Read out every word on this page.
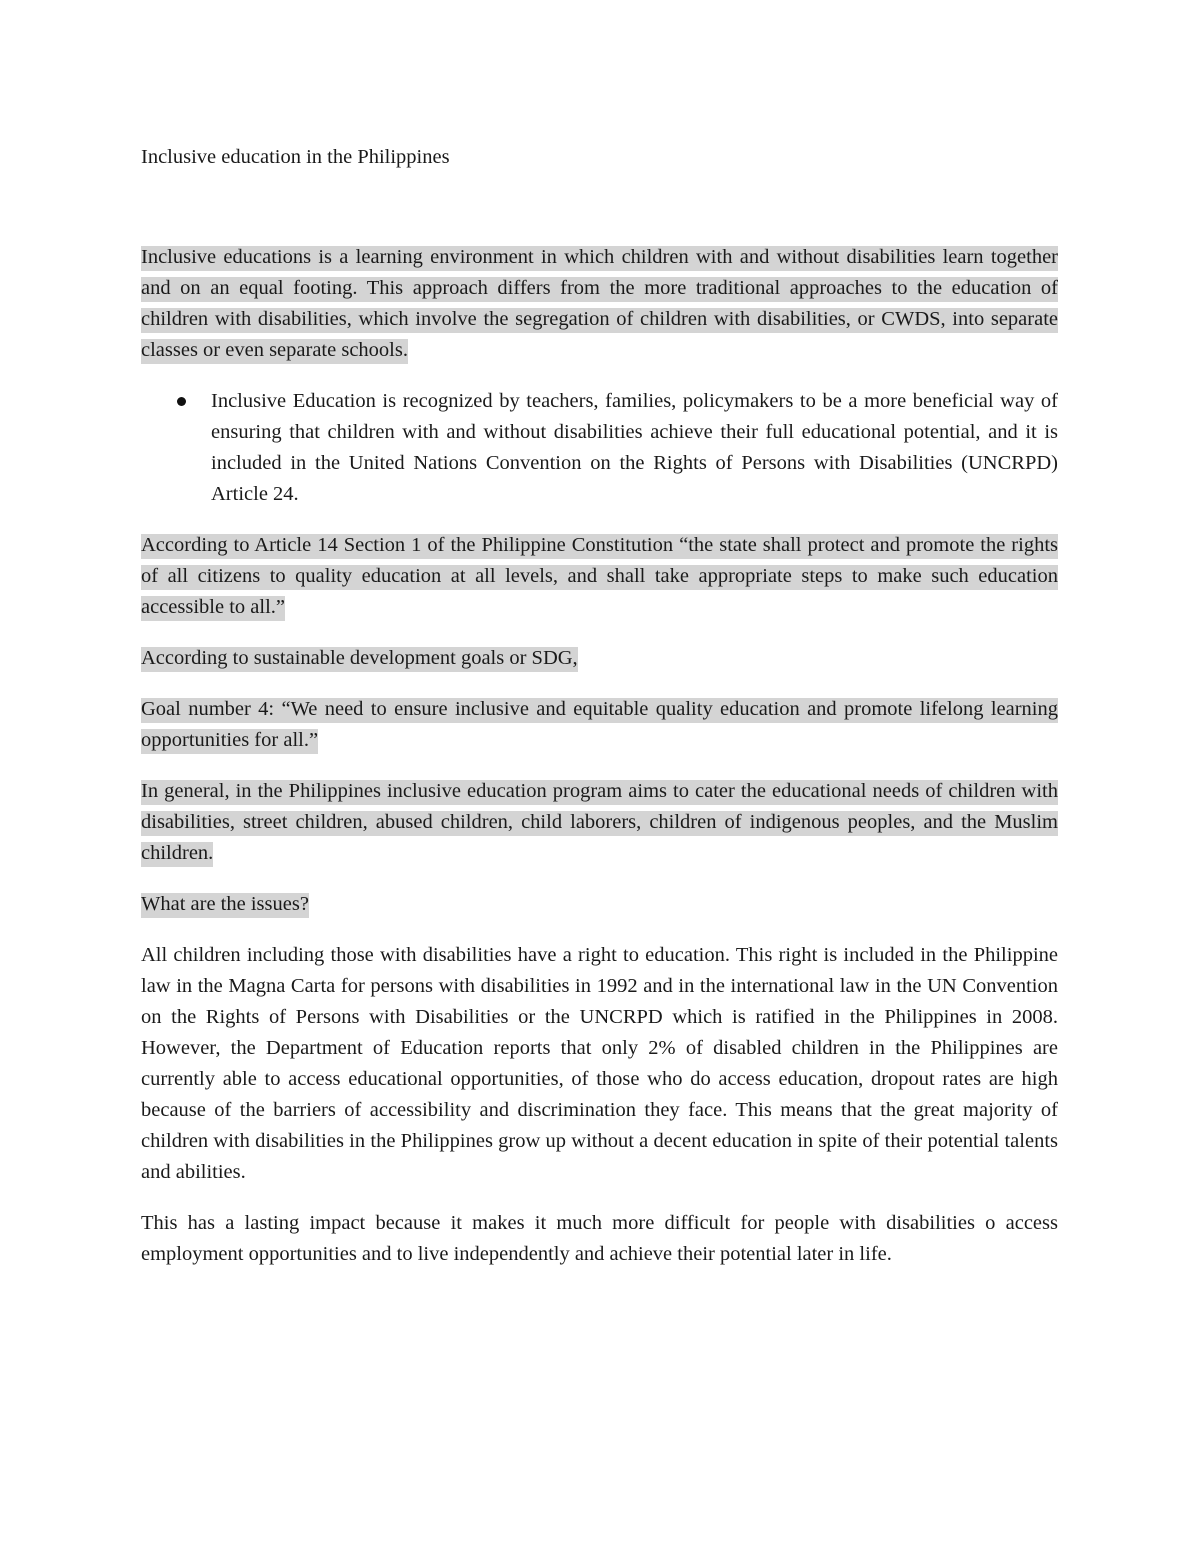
Inclusive education in the Philippines

Inclusive educations is a learning environment in which children with and without disabilities learn together and on an equal footing. This approach differs from the more traditional approaches to the education of children with disabilities, which involve the segregation of children with disabilities, or CWDS, into separate classes or even separate schools.

Inclusive Education is recognized by teachers, families, policymakers to be a more beneficial way of ensuring that children with and without disabilities achieve their full educational potential, and it is included in the United Nations Convention on the Rights of Persons with Disabilities (UNCRPD) Article 24.

According to Article 14 Section 1 of the Philippine Constitution “the state shall protect and promote the rights of all citizens to quality education at all levels, and shall take appropriate steps to make such education accessible to all.”

According to sustainable development goals or SDG,

Goal number 4: “We need to ensure inclusive and equitable quality education and promote lifelong learning opportunities for all.”

In general, in the Philippines inclusive education program aims to cater the educational needs of children with disabilities, street children, abused children, child laborers, children of indigenous peoples, and the Muslim children.

What are the issues?

All children including those with disabilities have a right to education. This right is included in the Philippine law in the Magna Carta for persons with disabilities in 1992 and in the international law in the UN Convention on the Rights of Persons with Disabilities or the UNCRPD which is ratified in the Philippines in 2008. However, the Department of Education reports that only 2% of disabled children in the Philippines are currently able to access educational opportunities, of those who do access education, dropout rates are high because of the barriers of accessibility and discrimination they face. This means that the great majority of children with disabilities in the Philippines grow up without a decent education in spite of their potential talents and abilities.

This has a lasting impact because it makes it much more difficult for people with disabilities o access employment opportunities and to live independently and achieve their potential later in life.
